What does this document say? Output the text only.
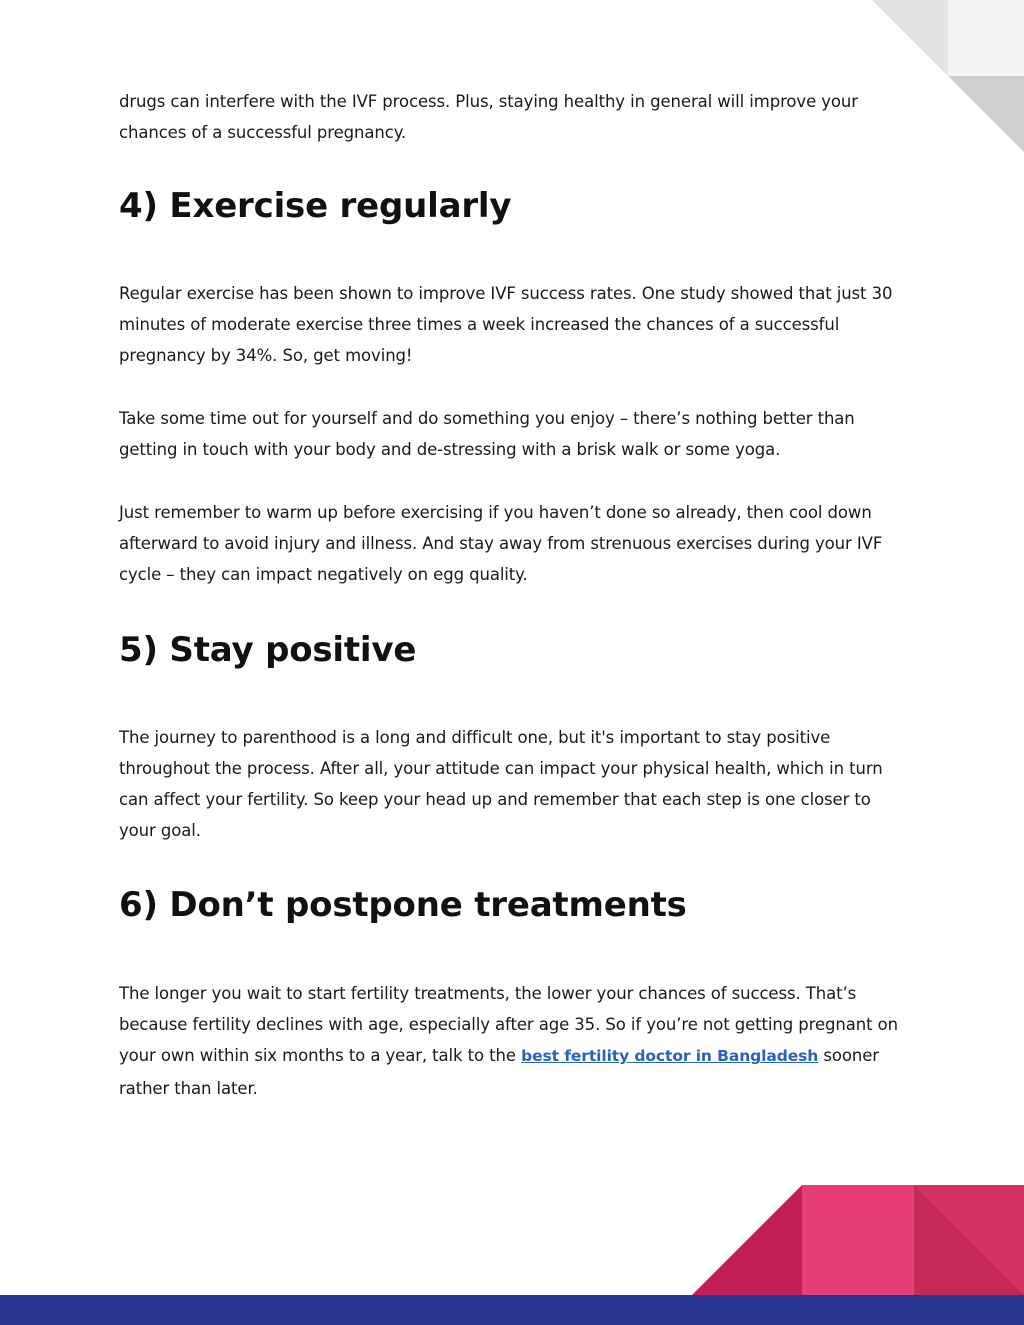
drugs can interfere with the IVF process. Plus, staying healthy in general will improve your chances of a successful pregnancy.

4) Exercise regularly

Regular exercise has been shown to improve IVF success rates. One study showed that just 30 minutes of moderate exercise three times a week increased the chances of a successful pregnancy by 34%. So, get moving!

Take some time out for yourself and do something you enjoy – there’s nothing better than getting in touch with your body and de-stressing with a brisk walk or some yoga.

Just remember to warm up before exercising if you haven’t done so already, then cool down afterward to avoid injury and illness. And stay away from strenuous exercises during your IVF cycle – they can impact negatively on egg quality.

5) Stay positive

The journey to parenthood is a long and difficult one, but it's important to stay positive throughout the process. After all, your attitude can impact your physical health, which in turn can affect your fertility. So keep your head up and remember that each step is one closer to your goal.

6) Don’t postpone treatments

The longer you wait to start fertility treatments, the lower your chances of success. That’s because fertility declines with age, especially after age 35. So if you’re not getting pregnant on your own within six months to a year, talk to the best fertility doctor in Bangladesh sooner rather than later.
